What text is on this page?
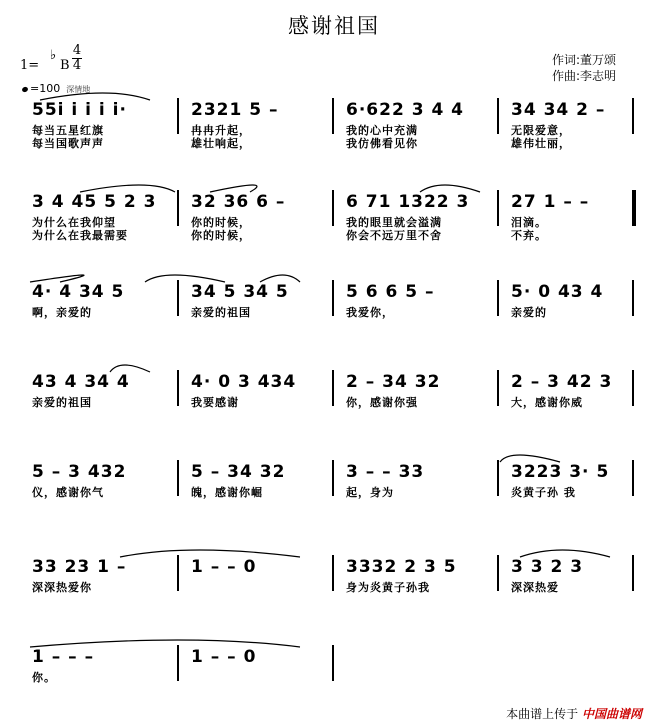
感谢祖国
1=
♭
B
4
4
=100 深情地
作词:董万颂
作曲:李志明
55i i i i i·
每当五星红旗
每当国歌声声
2321 5 –
冉冉升起，
雄壮响起，
6·622 3 4 4
我的心中充满
我仿佛看见你
34 34 2 –
无限爱意，
雄伟壮丽，
3 4 45 5 2 3
为什么在我仰望
为什么在我最需要
32 36 6 –
你的时候，
你的时候，
6 71 1322 3
我的眼里就会溢满
你会不远万里不舍
27 1 – –
泪滴。
不弃。
4· 4 34 5
啊，亲爱的
34 5 34 5
亲爱的祖国
5 6 6 5 –
我爱你，
5· 0 43 4
亲爱的
43 4 34 4
亲爱的祖国
4· 0 3 434
我要感谢
2 – 34 32
你，感谢你强
2 – 3 42 3
大，感谢你威
5 – 3 432
仪，感谢你气
5 – 34 32
魄，感谢你崛
3 – – 33
起，身为
3223 3· 5
炎黄子孙 我
33 23 1 –
深深热爱你
1 – – 0	3332 2 3 5
身为炎黄子孙我
3 3 2 3
深深热爱
1 – – –
你。
1 – – 0
本曲谱上传于 中国曲谱网
